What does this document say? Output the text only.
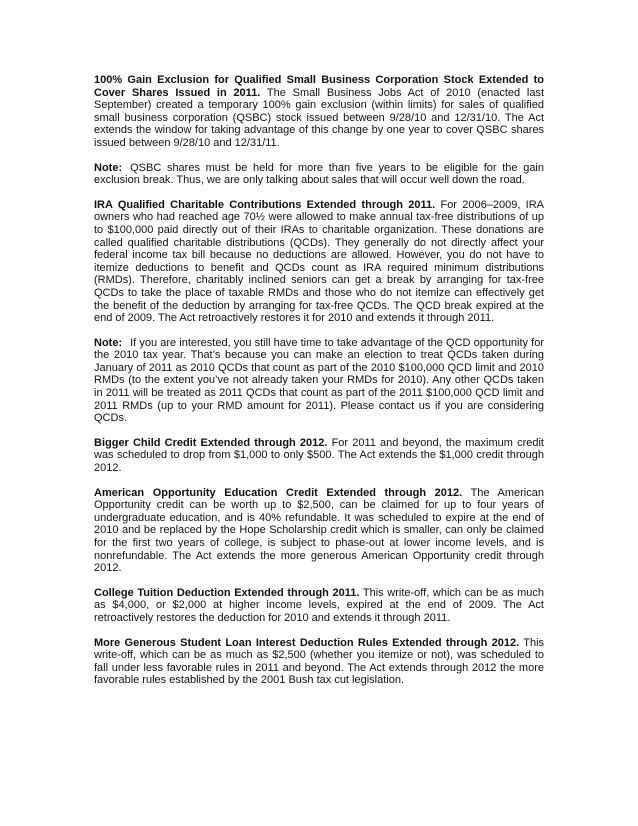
100% Gain Exclusion for Qualified Small Business Corporation Stock Extended to Cover Shares Issued in 2011. The Small Business Jobs Act of 2010 (enacted last September) created a temporary 100% gain exclusion (within limits) for sales of qualified small business corporation (QSBC) stock issued between 9/28/10 and 12/31/10. The Act extends the window for taking advantage of this change by one year to cover QSBC shares issued between 9/28/10 and 12/31/11.

Note: QSBC shares must be held for more than five years to be eligible for the gain exclusion break. Thus, we are only talking about sales that will occur well down the road.

IRA Qualified Charitable Contributions Extended through 2011. For 2006–2009, IRA owners who had reached age 70½ were allowed to make annual tax-free distributions of up to $100,000 paid directly out of their IRAs to charitable organization. These donations are called qualified charitable distributions (QCDs). They generally do not directly affect your federal income tax bill because no deductions are allowed. However, you do not have to itemize deductions to benefit and QCDs count as IRA required minimum distributions (RMDs). Therefore, charitably inclined seniors can get a break by arranging for tax-free QCDs to take the place of taxable RMDs and those who do not itemize can effectively get the benefit of the deduction by arranging for tax-free QCDs. The QCD break expired at the end of 2009. The Act retroactively restores it for 2010 and extends it through 2011.

Note: If you are interested, you still have time to take advantage of the QCD opportunity for the 2010 tax year. That’s because you can make an election to treat QCDs taken during January of 2011 as 2010 QCDs that count as part of the 2010 $100,000 QCD limit and 2010 RMDs (to the extent you’ve not already taken your RMDs for 2010). Any other QCDs taken in 2011 will be treated as 2011 QCDs that count as part of the 2011 $100,000 QCD limit and 2011 RMDs (up to your RMD amount for 2011). Please contact us if you are considering QCDs.

Bigger Child Credit Extended through 2012. For 2011 and beyond, the maximum credit was scheduled to drop from $1,000 to only $500. The Act extends the $1,000 credit through 2012.

American Opportunity Education Credit Extended through 2012. The American Opportunity credit can be worth up to $2,500, can be claimed for up to four years of undergraduate education, and is 40% refundable. It was scheduled to expire at the end of 2010 and be replaced by the Hope Scholarship credit which is smaller, can only be claimed for the first two years of college, is subject to phase-out at lower income levels, and is nonrefundable. The Act extends the more generous American Opportunity credit through 2012.

College Tuition Deduction Extended through 2011. This write-off, which can be as much as $4,000, or $2,000 at higher income levels, expired at the end of 2009. The Act retroactively restores the deduction for 2010 and extends it through 2011.

More Generous Student Loan Interest Deduction Rules Extended through 2012. This write-off, which can be as much as $2,500 (whether you itemize or not), was scheduled to fall under less favorable rules in 2011 and beyond. The Act extends through 2012 the more favorable rules established by the 2001 Bush tax cut legislation.
